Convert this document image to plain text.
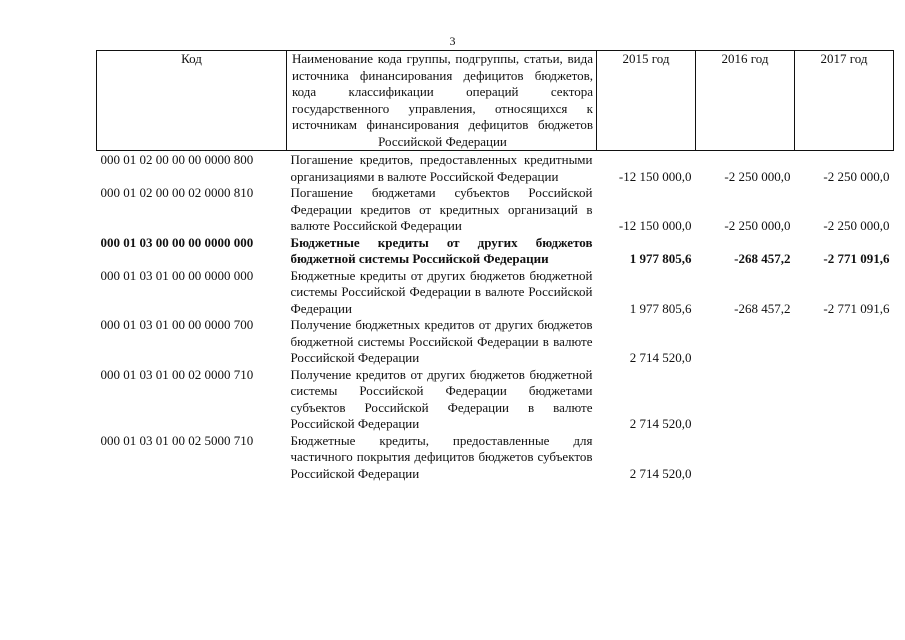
3
Код	Наименование кода группы, подгруппы, статьи, вида источника финансирования дефицитов бюджетов, кода классификации операций сектора государственного управления, относящихся к источникам финансирования дефицитов бюджетов Российской Федерации	2015 год	2016 год	2017 год
000 01 02 00 00 00 0000 800	Погашение кредитов, предоставленных кредитными организациями в валюте Российской Федерации	-12 150 000,0	-2 250 000,0	-2 250 000,0
000 01 02 00 00 02 0000 810	Погашение бюджетами субъектов Российской Федерации кредитов от кредитных организаций в валюте Российской Федерации	-12 150 000,0	-2 250 000,0	-2 250 000,0
000 01 03 00 00 00 0000 000	Бюджетные кредиты от других бюджетов бюджетной системы Российской Федерации	1 977 805,6	-268 457,2	-2 771 091,6
000 01 03 01 00 00 0000 000	Бюджетные кредиты от других бюджетов бюджетной системы Российской Федерации в валюте Российской Федерации	1 977 805,6	-268 457,2	-2 771 091,6
000 01 03 01 00 00 0000 700	Получение бюджетных кредитов от других бюджетов бюджетной системы Российской Федерации в валюте Российской Федерации	2 714 520,0		
000 01 03 01 00 02 0000 710	Получение кредитов от других бюджетов бюджетной системы Российской Федерации бюджетами субъектов Российской Федерации в валюте Российской Федерации	2 714 520,0		
000 01 03 01 00 02 5000 710	Бюджетные кредиты, предоставленные для частичного покрытия дефицитов бюджетов субъектов Российской Федерации	2 714 520,0		
